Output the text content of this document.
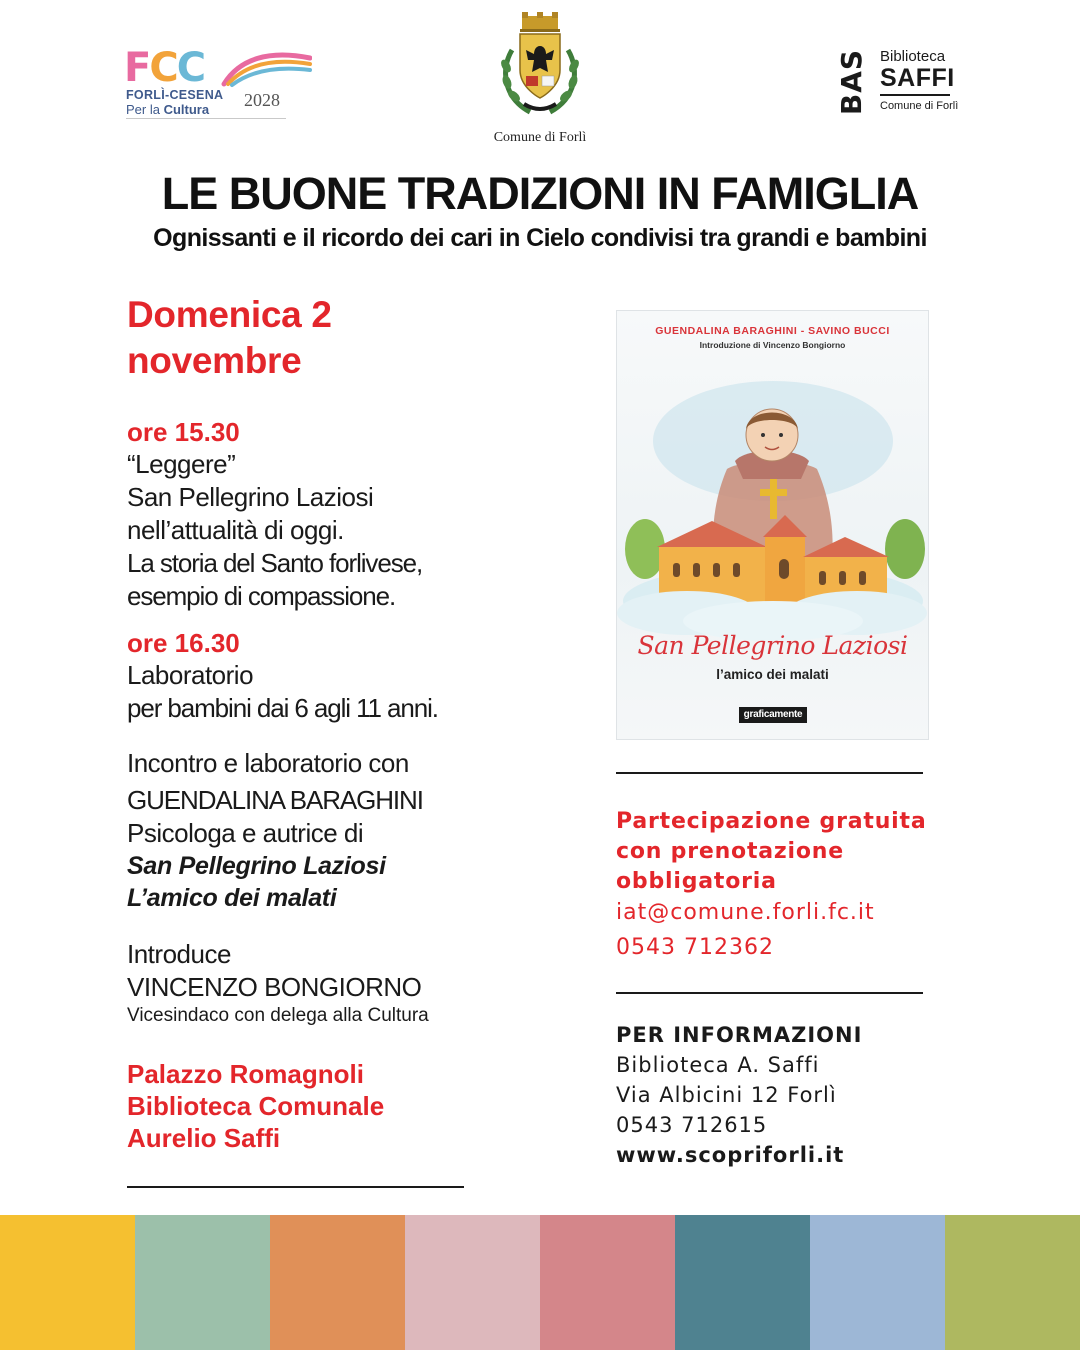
FCC
FORLÌ-CESENA
Per la Cultura 2028
Comune di Forlì
BAS Biblioteca
SAFFI
Comune di Forlì
LE BUONE TRADIZIONI IN FAMIGLIA
Ognissanti e il ricordo dei cari in Cielo condivisi tra grandi e bambini
Domenica 2
novembre
ore 15.30
“Leggere”
San Pellegrino Laziosi
nell’attualità di oggi.
La storia del Santo forlivese,
esempio di compassione.
ore 16.30
Laboratorio
per bambini dai 6 agli 11 anni.
Incontro e laboratorio con
GUENDALINA BARAGHINI
Psicologa e autrice di
San Pellegrino Laziosi
L’amico dei malati
Introduce
VINCENZO BONGIORNO
Vicesindaco con delega alla Cultura
Palazzo Romagnoli
Biblioteca Comunale
Aurelio Saffi
GUENDALINA BARAGHINI - SAVINO BUCCI
Introduzione di Vincenzo Bongiorno
San Pellegrino Laziosi
l’amico dei malati
graficamente
Partecipazione gratuita
con prenotazione
obbligatoria
iat@comune.forli.fc.it
0543 712362
PER INFORMAZIONI
Biblioteca A. Saffi
Via Albicini 12 Forlì
0543 712615
www.scopriforli.it
